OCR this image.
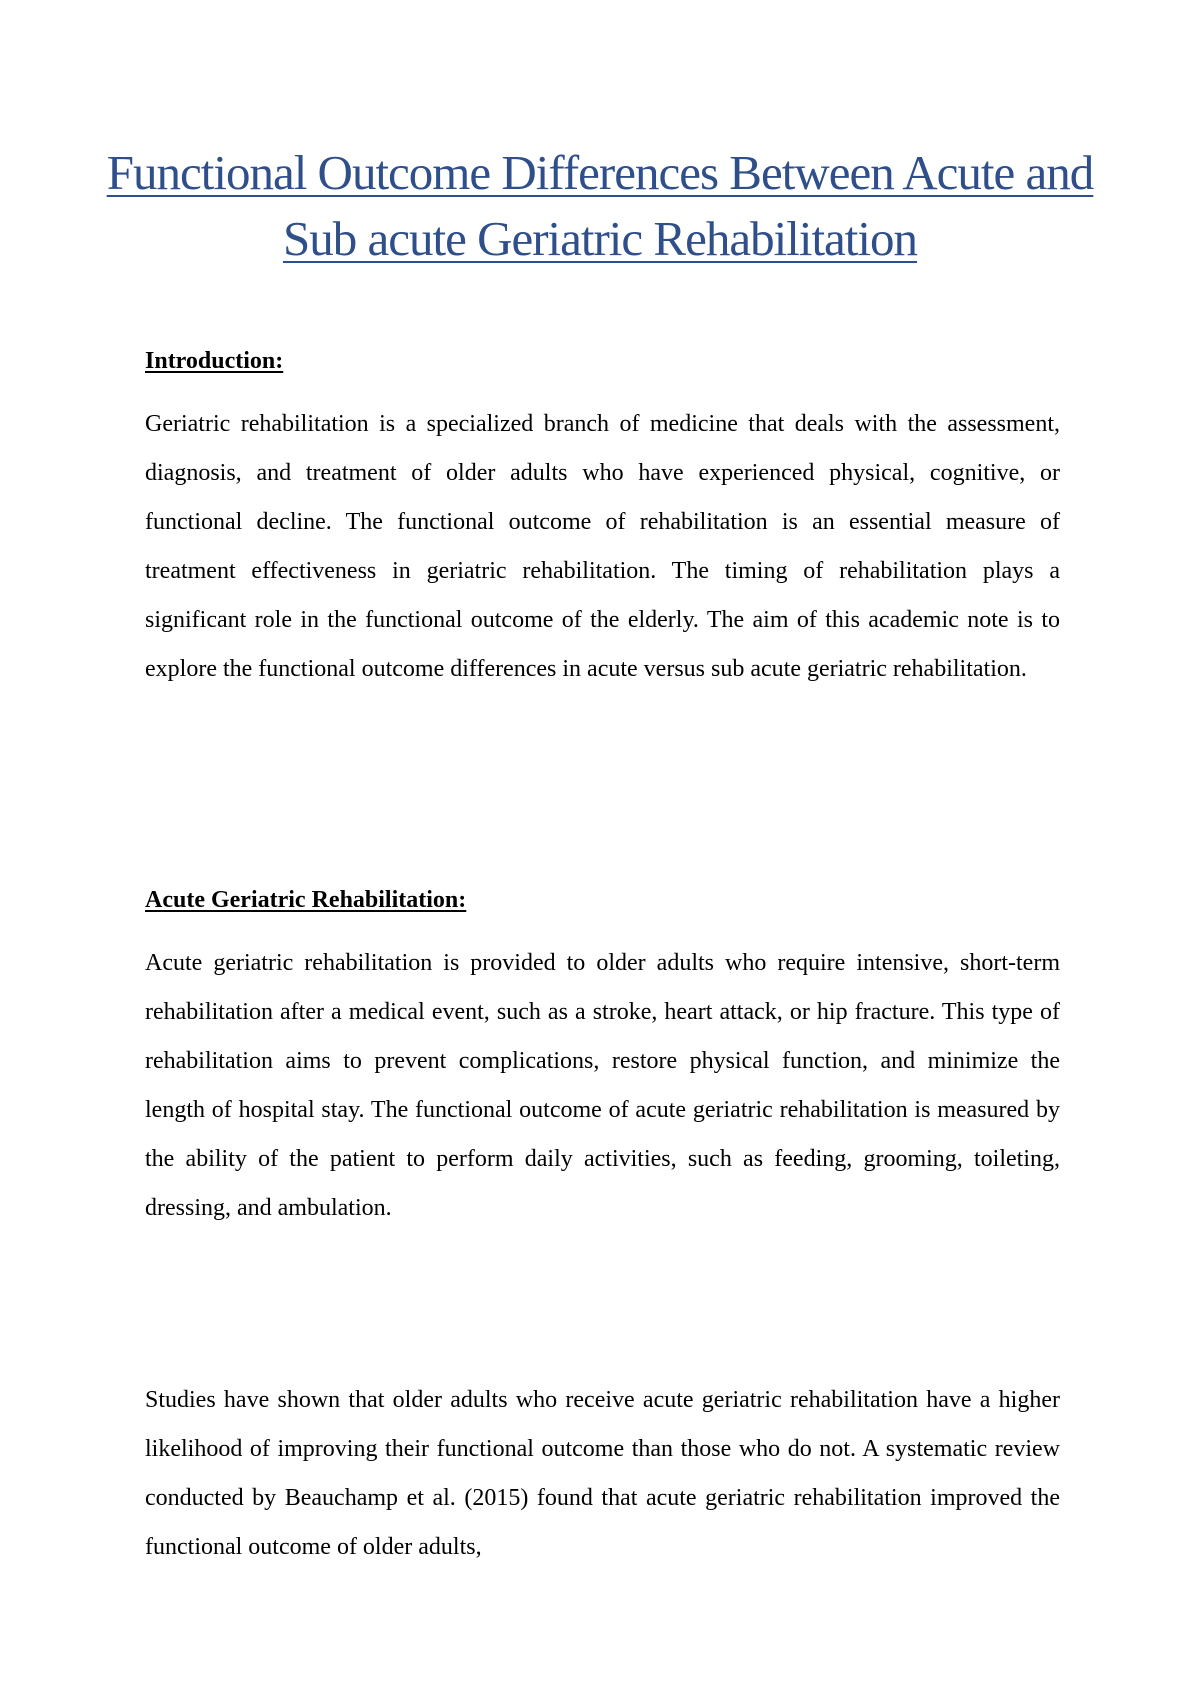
Functional Outcome Differences Between Acute and Sub acute Geriatric Rehabilitation
Introduction:

Geriatric rehabilitation is a specialized branch of medicine that deals with the assessment, diagnosis, and treatment of older adults who have experienced physical, cognitive, or functional decline. The functional outcome of rehabilitation is an essential measure of treatment effectiveness in geriatric rehabilitation. The timing of rehabilitation plays a significant role in the functional outcome of the elderly. The aim of this academic note is to explore the functional outcome differences in acute versus sub acute geriatric rehabilitation.

Acute Geriatric Rehabilitation:

Acute geriatric rehabilitation is provided to older adults who require intensive, short-term rehabilitation after a medical event, such as a stroke, heart attack, or hip fracture. This type of rehabilitation aims to prevent complications, restore physical function, and minimize the length of hospital stay. The functional outcome of acute geriatric rehabilitation is measured by the ability of the patient to perform daily activities, such as feeding, grooming, toileting, dressing, and ambulation.

Studies have shown that older adults who receive acute geriatric rehabilitation have a higher likelihood of improving their functional outcome than those who do not. A systematic review conducted by Beauchamp et al. (2015) found that acute geriatric rehabilitation improved the functional outcome of older adults,
